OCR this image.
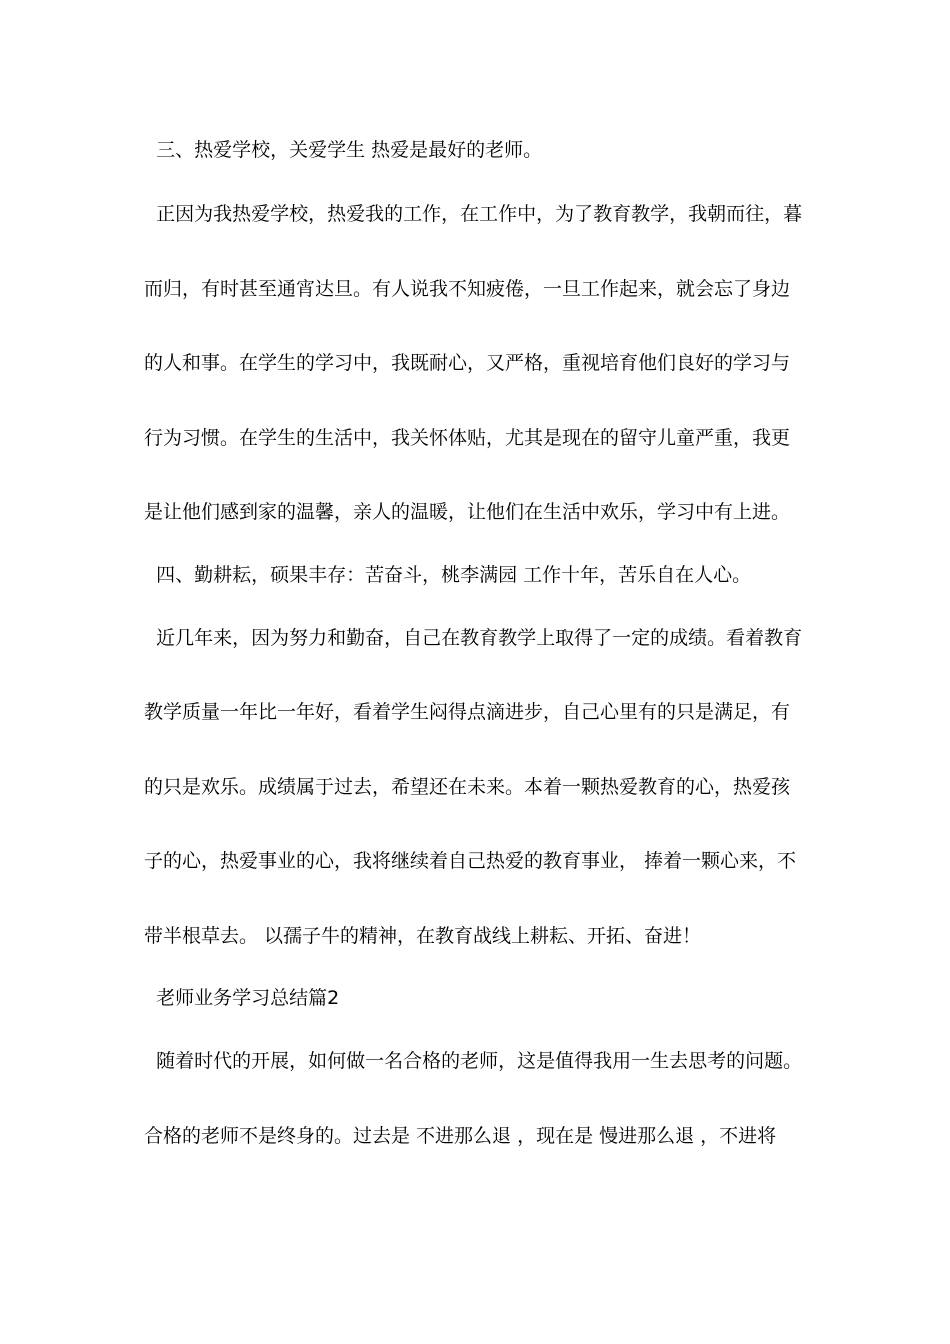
三、热爱学校，关爱学生 热爱是最好的老师。

正因为我热爱学校，热爱我的工作，在工作中，为了教育教学，我朝而往，暮

而归，有时甚至通宵达旦。有人说我不知疲倦，一旦工作起来，就会忘了身边

的人和事。在学生的学习中，我既耐心，又严格，重视培育他们良好的学习与

行为习惯。在学生的生活中，我关怀体贴，尤其是现在的留守儿童严重，我更

是让他们感到家的温馨，亲人的温暖，让他们在生活中欢乐，学习中有上进。

四、勤耕耘，硕果丰存：苦奋斗，桃李满园 工作十年，苦乐自在人心。

近几年来，因为努力和勤奋，自己在教育教学上取得了一定的成绩。看着教育

教学质量一年比一年好，看着学生闷得点滴进步，自己心里有的只是满足，有

的只是欢乐。成绩属于过去，希望还在未来。本着一颗热爱教育的心，热爱孩

子的心，热爱事业的心，我将继续着自己热爱的教育事业， 捧着一颗心来，不

带半根草去。 以孺子牛的精神，在教育战线上耕耘、开拓、奋进！

老师业务学习总结篇2

随着时代的开展，如何做一名合格的老师，这是值得我用一生去思考的问题。

合格的老师不是终身的。过去是 不进那么退 ，现在是 慢进那么退 ，不进将
